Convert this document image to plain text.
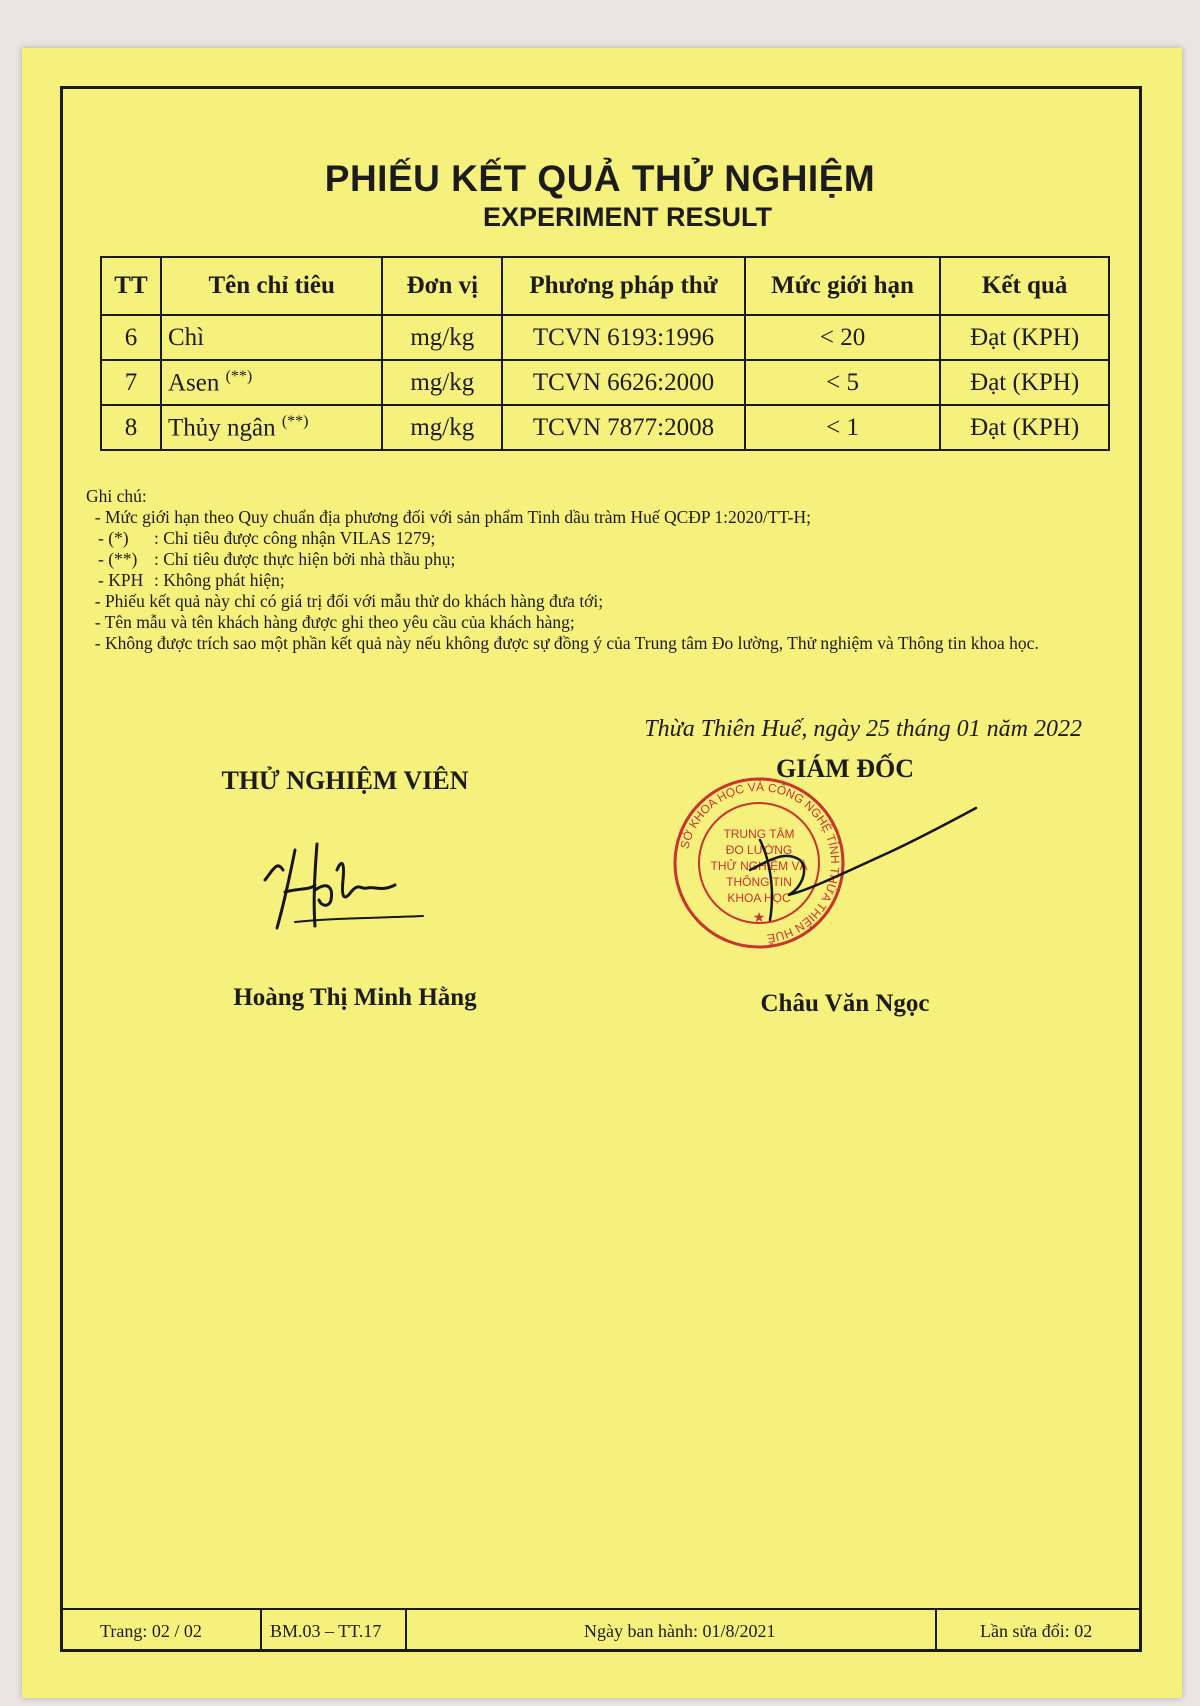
PHIẾU KẾT QUẢ THỬ NGHIỆM
EXPERIMENT RESULT
TT	Tên chỉ tiêu	Đơn vị	Phương pháp thử	Mức giới hạn	Kết quả
6	Chì	mg/kg	TCVN 6193:1996	< 20	Đạt (KPH)
7	Asen (**)	mg/kg	TCVN 6626:2000	< 5	Đạt (KPH)
8	Thủy ngân (**)	mg/kg	TCVN 7877:2008	< 1	Đạt (KPH)
Ghi chú:
- Mức giới hạn theo Quy chuẩn địa phương đối với sản phẩm Tinh dầu tràm Huế QCĐP 1:2020/TT-H;
- (*) : Chỉ tiêu được công nhận VILAS 1279;
- (**) : Chỉ tiêu được thực hiện bởi nhà thầu phụ;
- KPH : Không phát hiện;
- Phiếu kết quả này chỉ có giá trị đối với mẫu thử do khách hàng đưa tới;
- Tên mẫu và tên khách hàng được ghi theo yêu cầu của khách hàng;
- Không được trích sao một phần kết quả này nếu không được sự đồng ý của Trung tâm Đo lường, Thử nghiệm và Thông tin khoa học.
Thừa Thiên Huế, ngày 25 tháng 01 năm 2022
THỬ NGHIỆM VIÊN	GIÁM ĐỐC
SỞ KHOA HỌC VÀ CÔNG NGHỆ TỈNH THỪA THIÊN HUẾ
TRUNG TÂM
ĐO LƯỜNG
THỬ NGHIỆM VÀ
THÔNG TIN
KHOA HỌC
★
Hoàng Thị Minh Hằng	Châu Văn Ngọc
Trang: 02 / 02	BM.03 – TT.17	Ngày ban hành: 01/8/2021	Lần sửa đổi: 02
